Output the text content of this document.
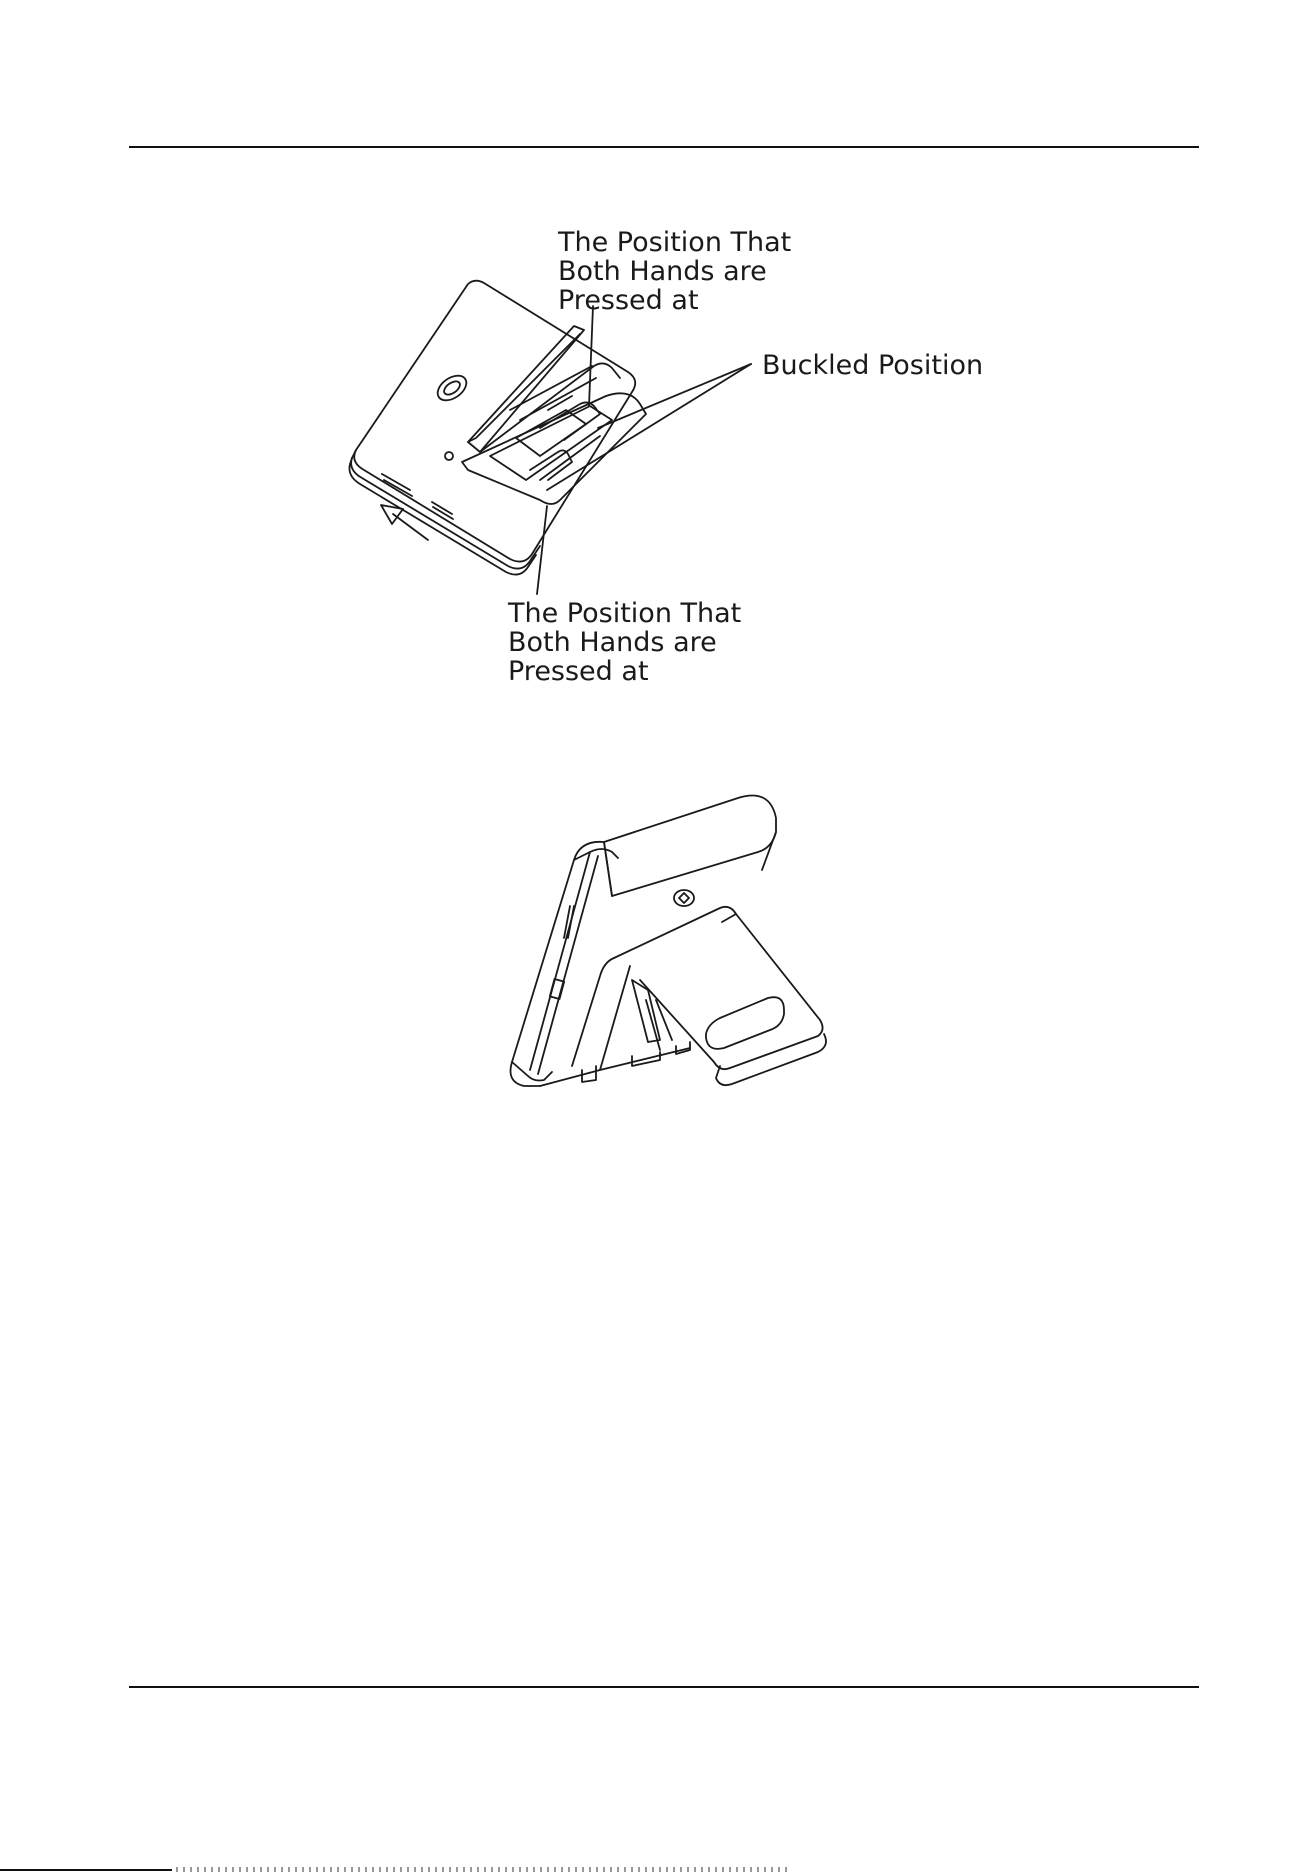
The Position That
Both Hands are
Pressed at
Buckled Position
The Position That
Both Hands are
Pressed at
